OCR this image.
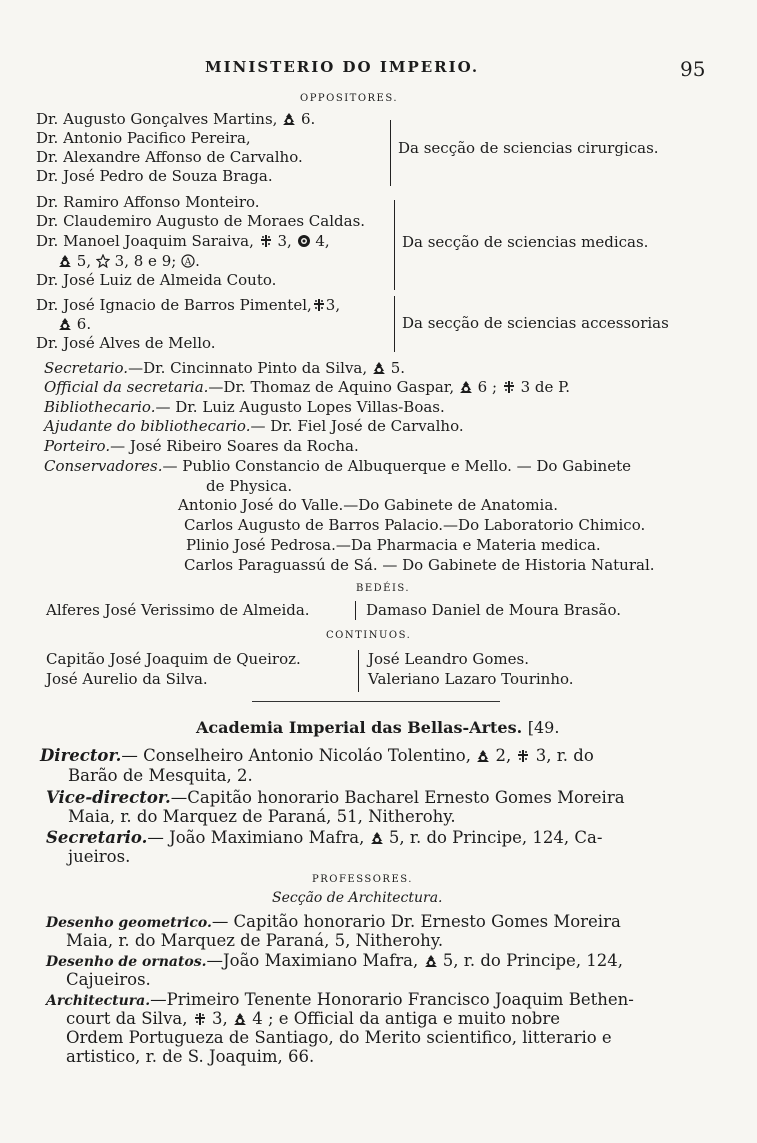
MINISTERIO DO IMPERIO.	95
OPPOSITORES.
Dr. Augusto Gonçalves Martins, 6.
Dr. Antonio Pacifico Pereira,
Dr. Alexandre Affonso de Carvalho.
Dr. José Pedro de Souza Braga.
Da secção de sciencias cirurgicas.
Dr. Ramiro Affonso Monteiro.
Dr. Claudemiro Augusto de Moraes Caldas.
Dr. Manoel Joaquim Saraiva, 3, 4,
5, 3, 8 e 9; .
Dr. José Luiz de Almeida Couto.
Da secção de sciencias medicas.
Dr. José Ignacio de Barros Pimentel, 3,
6.
Dr. José Alves de Mello.
Da secção de sciencias accessorias
Secretario.—Dr. Cincinnato Pinto da Silva, 5.
Official da secretaria.—Dr. Thomaz de Aquino Gaspar, 6 ; 3 de P.
Bibliothecario.— Dr. Luiz Augusto Lopes Villas-Boas.
Ajudante do bibliothecario.— Dr. Fiel José de Carvalho.
Porteiro.— José Ribeiro Soares da Rocha.
Conservadores.— Publio Constancio de Albuquerque e Mello. — Do Gabinete
de Physica.
Antonio José do Valle.—Do Gabinete de Anatomia.
Carlos Augusto de Barros Palacio.—Do Laboratorio Chimico.
Plinio José Pedrosa.—Da Pharmacia e Materia medica.
Carlos Paraguassú de Sá. — Do Gabinete de Historia Natural.
BEDÉIS.
Alferes José Verissimo de Almeida.	Damaso Daniel de Moura Brasão.
CONTINUOS.
Capitão José Joaquim de Queiroz.
José Aurelio da Silva.
José Leandro Gomes.
Valeriano Lazaro Tourinho.
Academia Imperial das Bellas-Artes. [49.
Director.— Conselheiro Antonio Nicoláo Tolentino, 2, 3, r. do
Barão de Mesquita, 2.
Vice-director.—Capitão honorario Bacharel Ernesto Gomes Moreira
Maia, r. do Marquez de Paraná, 51, Nitherohy.
Secretario.— João Maximiano Mafra, 5, r. do Principe, 124, Ca-
jueiros.
PROFESSORES.
Secção de Architectura.
Desenho geometrico.— Capitão honorario Dr. Ernesto Gomes Moreira
Maia, r. do Marquez de Paraná, 5, Nitherohy.
Desenho de ornatos.—João Maximiano Mafra, 5, r. do Principe, 124,
Cajueiros.
Architectura.—Primeiro Tenente Honorario Francisco Joaquim Bethen-
court da Silva, 3, 4 ; e Official da antiga e muito nobre
Ordem Portugueza de Santiago, do Merito scientifico, litterario e
artistico, r. de S. Joaquim, 66.
